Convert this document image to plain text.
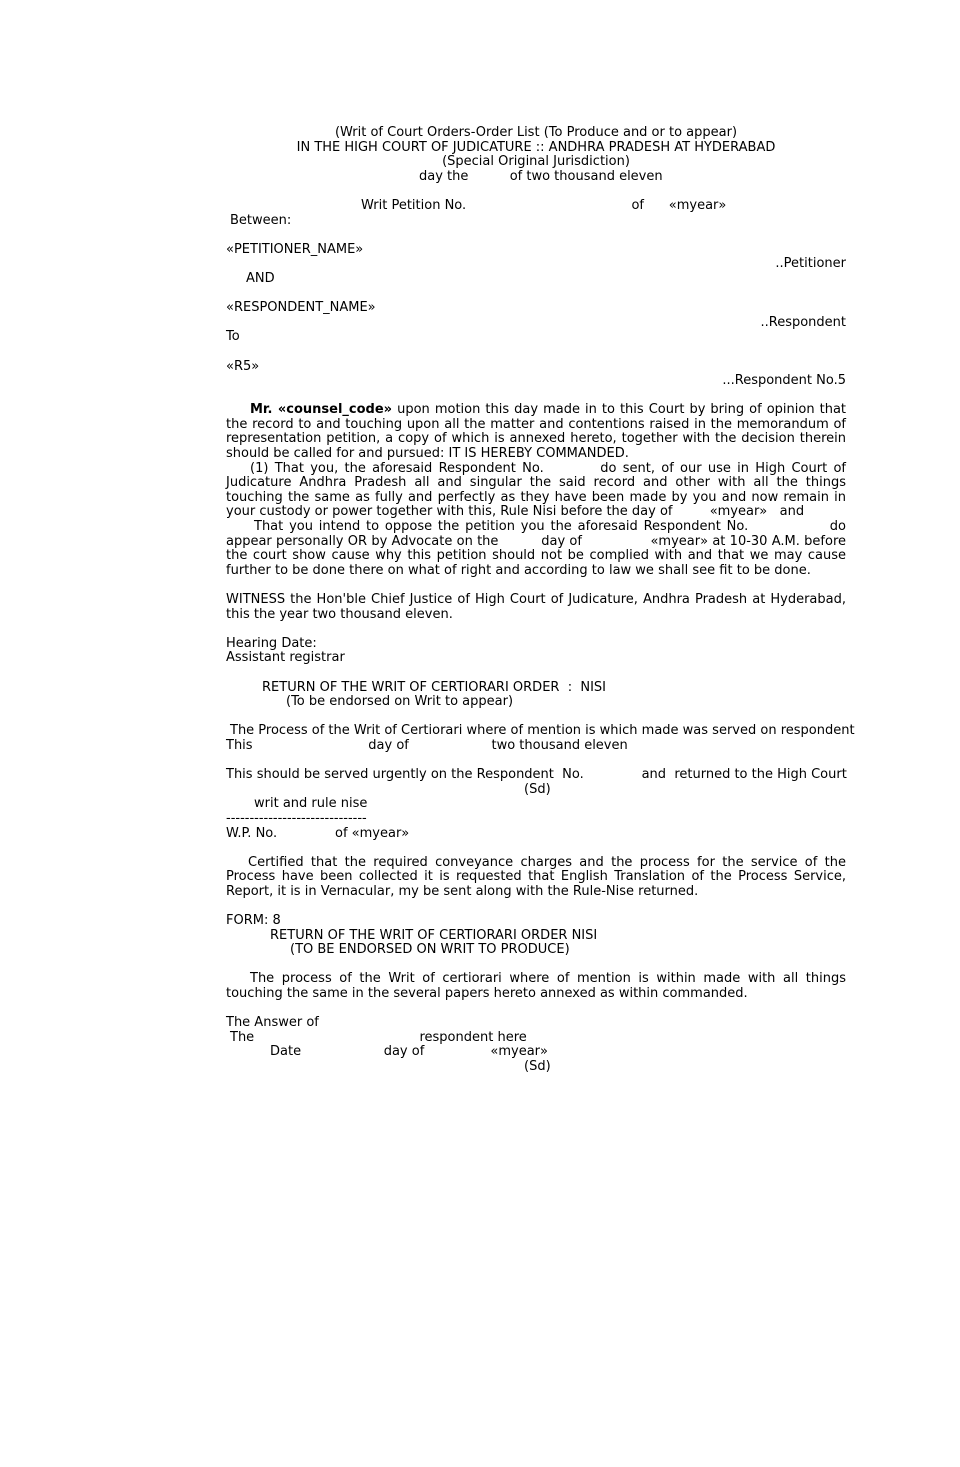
(Writ of Court Orders-Order List (To Produce and or to appear)
IN THE HIGH COURT OF JUDICATURE :: ANDHRA PRADESH AT HYDERABAD
(Special Original Jurisdiction)
day the          of two thousand eleven
Writ Petition No.                                        of      «myear»
Between:
«PETITIONER_NAME»
..Petitioner
AND
«RESPONDENT_NAME»
..Respondent
To
«R5»
...Respondent No.5
Mr. «counsel_code» upon motion this day made in to this Court by bring of opinion that the record to and touching upon all the matter and contentions raised in the memorandum of representation petition, a copy of which is annexed hereto, together with the decision therein should be called for and pursued: IT IS HEREBY COMMANDED.
(1) That you, the aforesaid Respondent No.         do sent, of our use in High Court of Judicature Andhra Pradesh all and singular the said record and other with all the things touching the same as fully and perfectly as they have been made by you and now remain in your custody or power together with this, Rule Nisi before the day of         «myear»   and
That you intend to oppose the petition you the aforesaid Respondent No.              do appear personally OR by Advocate on the          day of                «myear» at 10-30 A.M. before the court show cause why this petition should not be complied with and that we may cause further to be done there on what of right and according to law we shall see fit to be done.
WITNESS the Hon'ble Chief Justice of High Court of Judicature, Andhra Pradesh at Hyderabad, this the year two thousand eleven.
Hearing Date:
Assistant registrar
RETURN OF THE WRIT OF CERTIORARI ORDER  :  NISI
(To be endorsed on Writ to appear)
The Process of the Writ of Certiorari where of mention is which made was served on respondent
This                            day of                    two thousand eleven
This should be served urgently on the Respondent  No.              and  returned to the High Court
(Sd)
writ and rule nise
------------------------------
W.P. No.              of «myear»
Certified that the required conveyance charges and the process for the service of the Process have been collected it is requested that English Translation of the Process Service, Report, it is in Vernacular, my be sent along with the Rule-Nise returned.
FORM: 8
RETURN OF THE WRIT OF CERTIORARI ORDER NISI
(TO BE ENDORSED ON WRIT TO PRODUCE)
The process of the Writ of certiorari where of mention is within made with all things touching the same in the several papers hereto annexed as within commanded.
The Answer of
The                                        respondent here
Date                    day of                «myear»
(Sd)
